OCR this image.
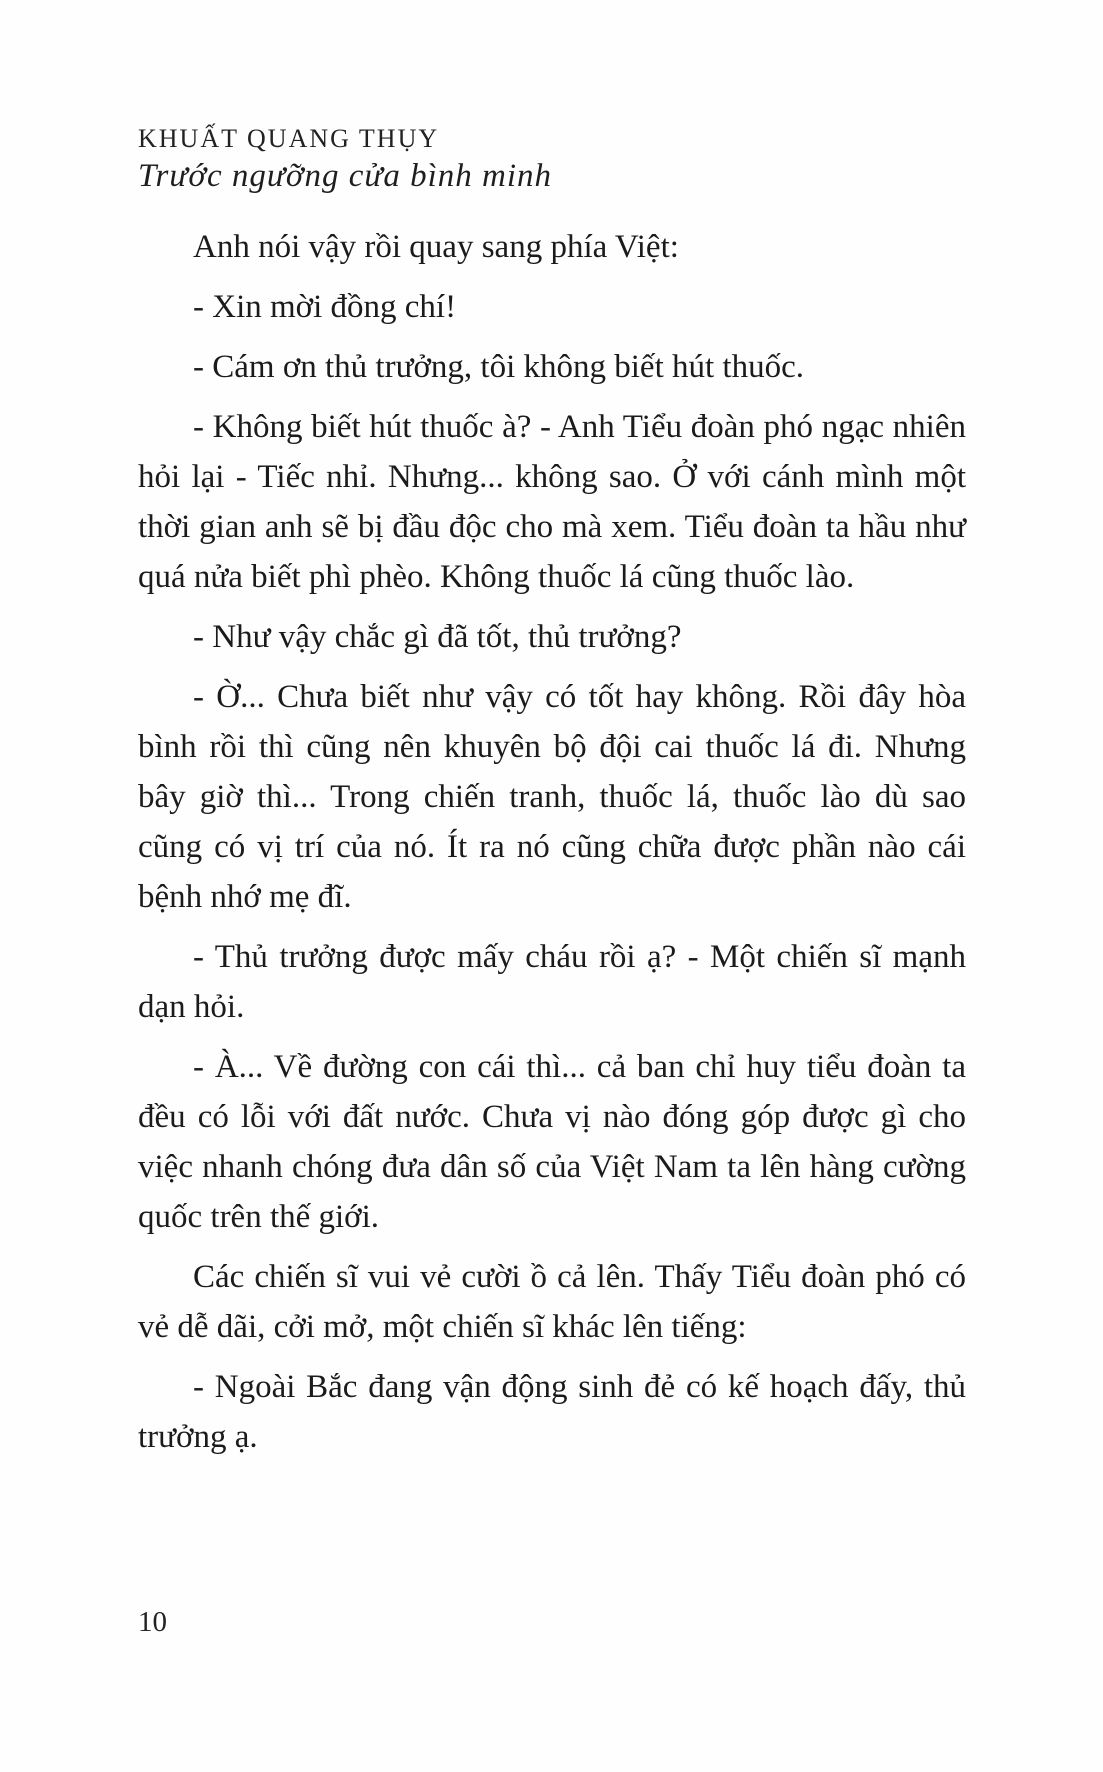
KHUẤT QUANG THỤY
Trước ngưỡng cửa bình minh

Anh nói vậy rồi quay sang phía Việt:

- Xin mời đồng chí!

- Cám ơn thủ trưởng, tôi không biết hút thuốc.

- Không biết hút thuốc à? - Anh Tiểu đoàn phó ngạc nhiên hỏi lại - Tiếc nhỉ. Nhưng... không sao. Ở với cánh mình một thời gian anh sẽ bị đầu độc cho mà xem. Tiểu đoàn ta hầu như quá nửa biết phì phèo. Không thuốc lá cũng thuốc lào.

- Như vậy chắc gì đã tốt, thủ trưởng?

- Ờ... Chưa biết như vậy có tốt hay không. Rồi đây hòa bình rồi thì cũng nên khuyên bộ đội cai thuốc lá đi. Nhưng bây giờ thì... Trong chiến tranh, thuốc lá, thuốc lào dù sao cũng có vị trí của nó. Ít ra nó cũng chữa được phần nào cái bệnh nhớ mẹ đĩ.

- Thủ trưởng được mấy cháu rồi ạ? - Một chiến sĩ mạnh dạn hỏi.

- À... Về đường con cái thì... cả ban chỉ huy tiểu đoàn ta đều có lỗi với đất nước. Chưa vị nào đóng góp được gì cho việc nhanh chóng đưa dân số của Việt Nam ta lên hàng cường quốc trên thế giới.

Các chiến sĩ vui vẻ cười ồ cả lên. Thấy Tiểu đoàn phó có vẻ dễ dãi, cởi mở, một chiến sĩ khác lên tiếng:

- Ngoài Bắc đang vận động sinh đẻ có kế hoạch đấy, thủ trưởng ạ.

10
